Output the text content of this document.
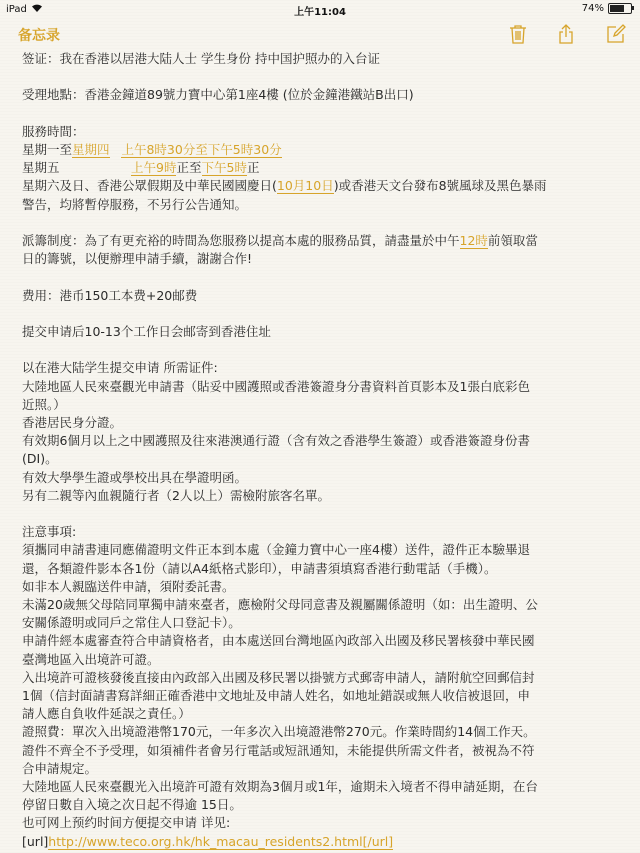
iPad	上午11:04	74%
备忘录

签证：我在香港以居港大陆人士 学生身份 持中国护照办的入台证

受理地點：香港金鐘道89號力寶中心第1座4樓 (位於金鐘港鐵站B出口)

服務時間：

星期一至星期四 上午8時30分至下午5時30分

星期五                  上午9時正至下午5時正

星期六及日、香港公眾假期及中華民國國慶日(10月10日)或香港天文台發布8號風球及黑色暴雨

警告，均將暫停服務，不另行公告通知。

派籌制度：為了有更充裕的時間為您服務以提高本處的服務品質，請盡量於中午12時前領取當

日的籌號，以便辦理申請手續，謝謝合作!

费用：港币150工本费+20邮费

提交申请后10-13个工作日会邮寄到香港住址

以在港大陆学生提交申请 所需证件:

大陸地區人民來臺觀光申請書（貼妥中國護照或香港簽證身分書資料首頁影本及1張白底彩色

近照。）

香港居民身分證。

有效期6個月以上之中國護照及往來港澳通行證（含有效之香港學生簽證）或香港簽證身份書

(DI)。

有效大學學生證或學校出具在學證明函。

另有二親等內血親隨行者（2人以上）需檢附旅客名單。

注意事項:

須攜同申請書連同應備證明文件正本到本處（金鐘力寶中心一座4樓）送件，證件正本驗畢退

還，各類證件影本各1份（請以A4紙格式影印），申請書須填寫香港行動電話（手機）。

如非本人親臨送件申請，須附委託書。

未滿20歲無父母陪同單獨申請來臺者，應檢附父母同意書及親屬關係證明（如：出生證明、公

安關係證明或同戶之常住人口登記卡）。

申請件經本處審查符合申請資格者，由本處送回台灣地區內政部入出國及移民署核發中華民國

臺灣地區入出境許可證。

入出境許可證核發後直接由內政部入出國及移民署以掛號方式郵寄申請人，請附航空回郵信封

1個（信封面請書寫詳細正確香港中文地址及申請人姓名，如地址錯誤或無人收信被退回，申

請人應自負收件延誤之責任。）

證照費：單次入出境證港幣170元，一年多次入出境證港幣270元。作業時間約14個工作天。

證件不齊全不予受理，如須補件者會另行電話或短訊通知，未能提供所需文件者，被視為不符

合申請規定。

大陸地區人民來臺觀光入出境許可證有效期為3個月或1年，逾期未入境者不得申請延期，在台

停留日數自入境之次日起不得逾 15日。

也可网上预约时间方便提交申请 详见:

[url]http://www.teco.org.hk/hk_macau_residents2.html[/url]
